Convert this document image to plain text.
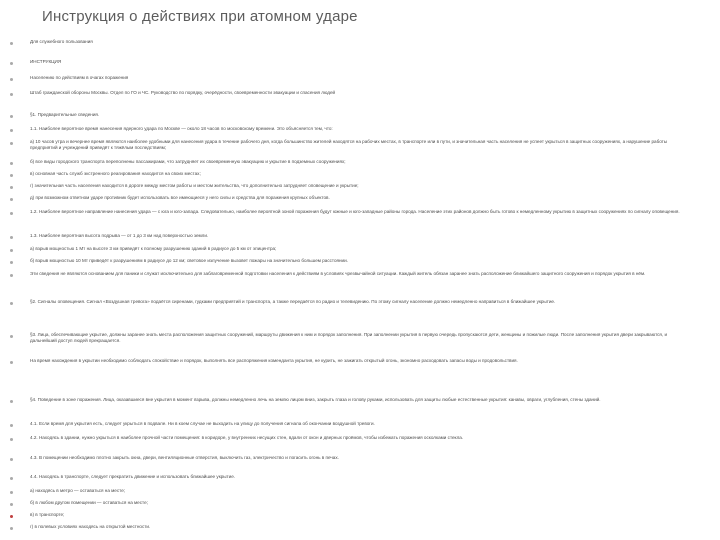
Инструкция о действиях при атомном ударе

Для служебного пользования

ИНСТРУКЦИЯ

Населению по действиям в очагах поражения

Штаб гражданской обороны Москвы. Отдел по ГО и ЧС. Руководство по порядку, очерёдности, своевременности эвакуации и спасения людей

§1. Предварительные сведения.

1.1. Наиболее вероятное время нанесения ядерного удара по Москве — около 18 часов по московскому времени. Это объясняется тем, что:

а) 10 часов утра и вечернее время являются наиболее удобными для нанесения удара в течение рабочего дня, когда большинство жителей находятся на рабочих местах, в транспорте или в пути, и значительная часть населения не успеет укрыться в защитных сооружениях, а нарушение работы предприятий и учреждений приведёт к тяжёлым последствиям;

б) все виды городского транспорта переполнены пассажирами, что затрудняет их своевременную эвакуацию и укрытие в подземных сооружениях;

в) основная часть служб экстренного реагирования находится на своих местах;

г) значительная часть населения находится в дороге между местом работы и местом жительства, что дополнительно затрудняет оповещение и укрытие;

д) при возможном ответном ударе противник будет использовать все имеющиеся у него силы и средства для поражения крупных объектов.

1.2. Наиболее вероятное направление нанесения удара — с юга и юго-запада. Следовательно, наиболее вероятной зоной поражения будут южные и юго-западные районы города. Население этих районов должно быть готово к немедленному укрытию в защитных сооружениях по сигналу оповещения.

1.3. Наиболее вероятная высота подрыва — от 1 до 3 км над поверхностью земли.

а) взрыв мощностью 1 Мт на высоте 3 км приведёт к полному разрушению зданий в радиусе до 5 км от эпицентра;

б) взрыв мощностью 10 Мт приведёт к разрушениям в радиусе до 12 км; световое излучение вызовет пожары на значительно большем расстоянии.

Эти сведения не являются основанием для паники и служат исключительно для заблаговременной подготовки населения к действиям в условиях чрезвычайной ситуации. Каждый житель обязан заранее знать расположение ближайшего защитного сооружения и порядок укрытия в нём.

§2. Сигналы оповещения. Сигнал «Воздушная тревога» подаётся сиренами, гудками предприятий и транспорта, а также передаётся по радио и телевидению. По этому сигналу население должно немедленно направиться в ближайшее укрытие.

§3. Лица, обеспечивающие укрытие, должны заранее знать места расположения защитных сооружений, маршруты движения к ним и порядок заполнения. При заполнении укрытия в первую очередь пропускаются дети, женщины и пожилые люди. После заполнения укрытия двери закрываются, и дальнейший доступ людей прекращается.

На время нахождения в укрытии необходимо соблюдать спокойствие и порядок, выполнять все распоряжения коменданта укрытия, не курить, не зажигать открытый огонь, экономно расходовать запасы воды и продовольствия.

§4. Поведение в зоне поражения. Лица, оказавшиеся вне укрытия в момент взрыва, должны немедленно лечь на землю лицом вниз, закрыть глаза и голову руками, использовать для защиты любые естественные укрытия: канавы, овраги, углубления, стены зданий.

4.1. Если время для укрытия есть, следует укрыться в подвале. Ни в коем случае не выходить на улицу до получения сигнала об окончании воздушной тревоги.

4.2. Находясь в здании, нужно укрыться в наиболее прочной части помещения: в коридоре, у внутренних несущих стен, вдали от окон и дверных проёмов, чтобы избежать поражения осколками стекла.

4.3. В помещении необходимо плотно закрыть окна, двери, вентиляционные отверстия, выключить газ, электричество и погасить огонь в печах.

4.4. Находясь в транспорте, следует прекратить движение и использовать ближайшее укрытие.

а) находясь в метро — оставаться на месте;

б) в любом другом помещении — оставаться на месте;

в) в транспорте;

г) в полевых условиях находясь на открытой местности.
